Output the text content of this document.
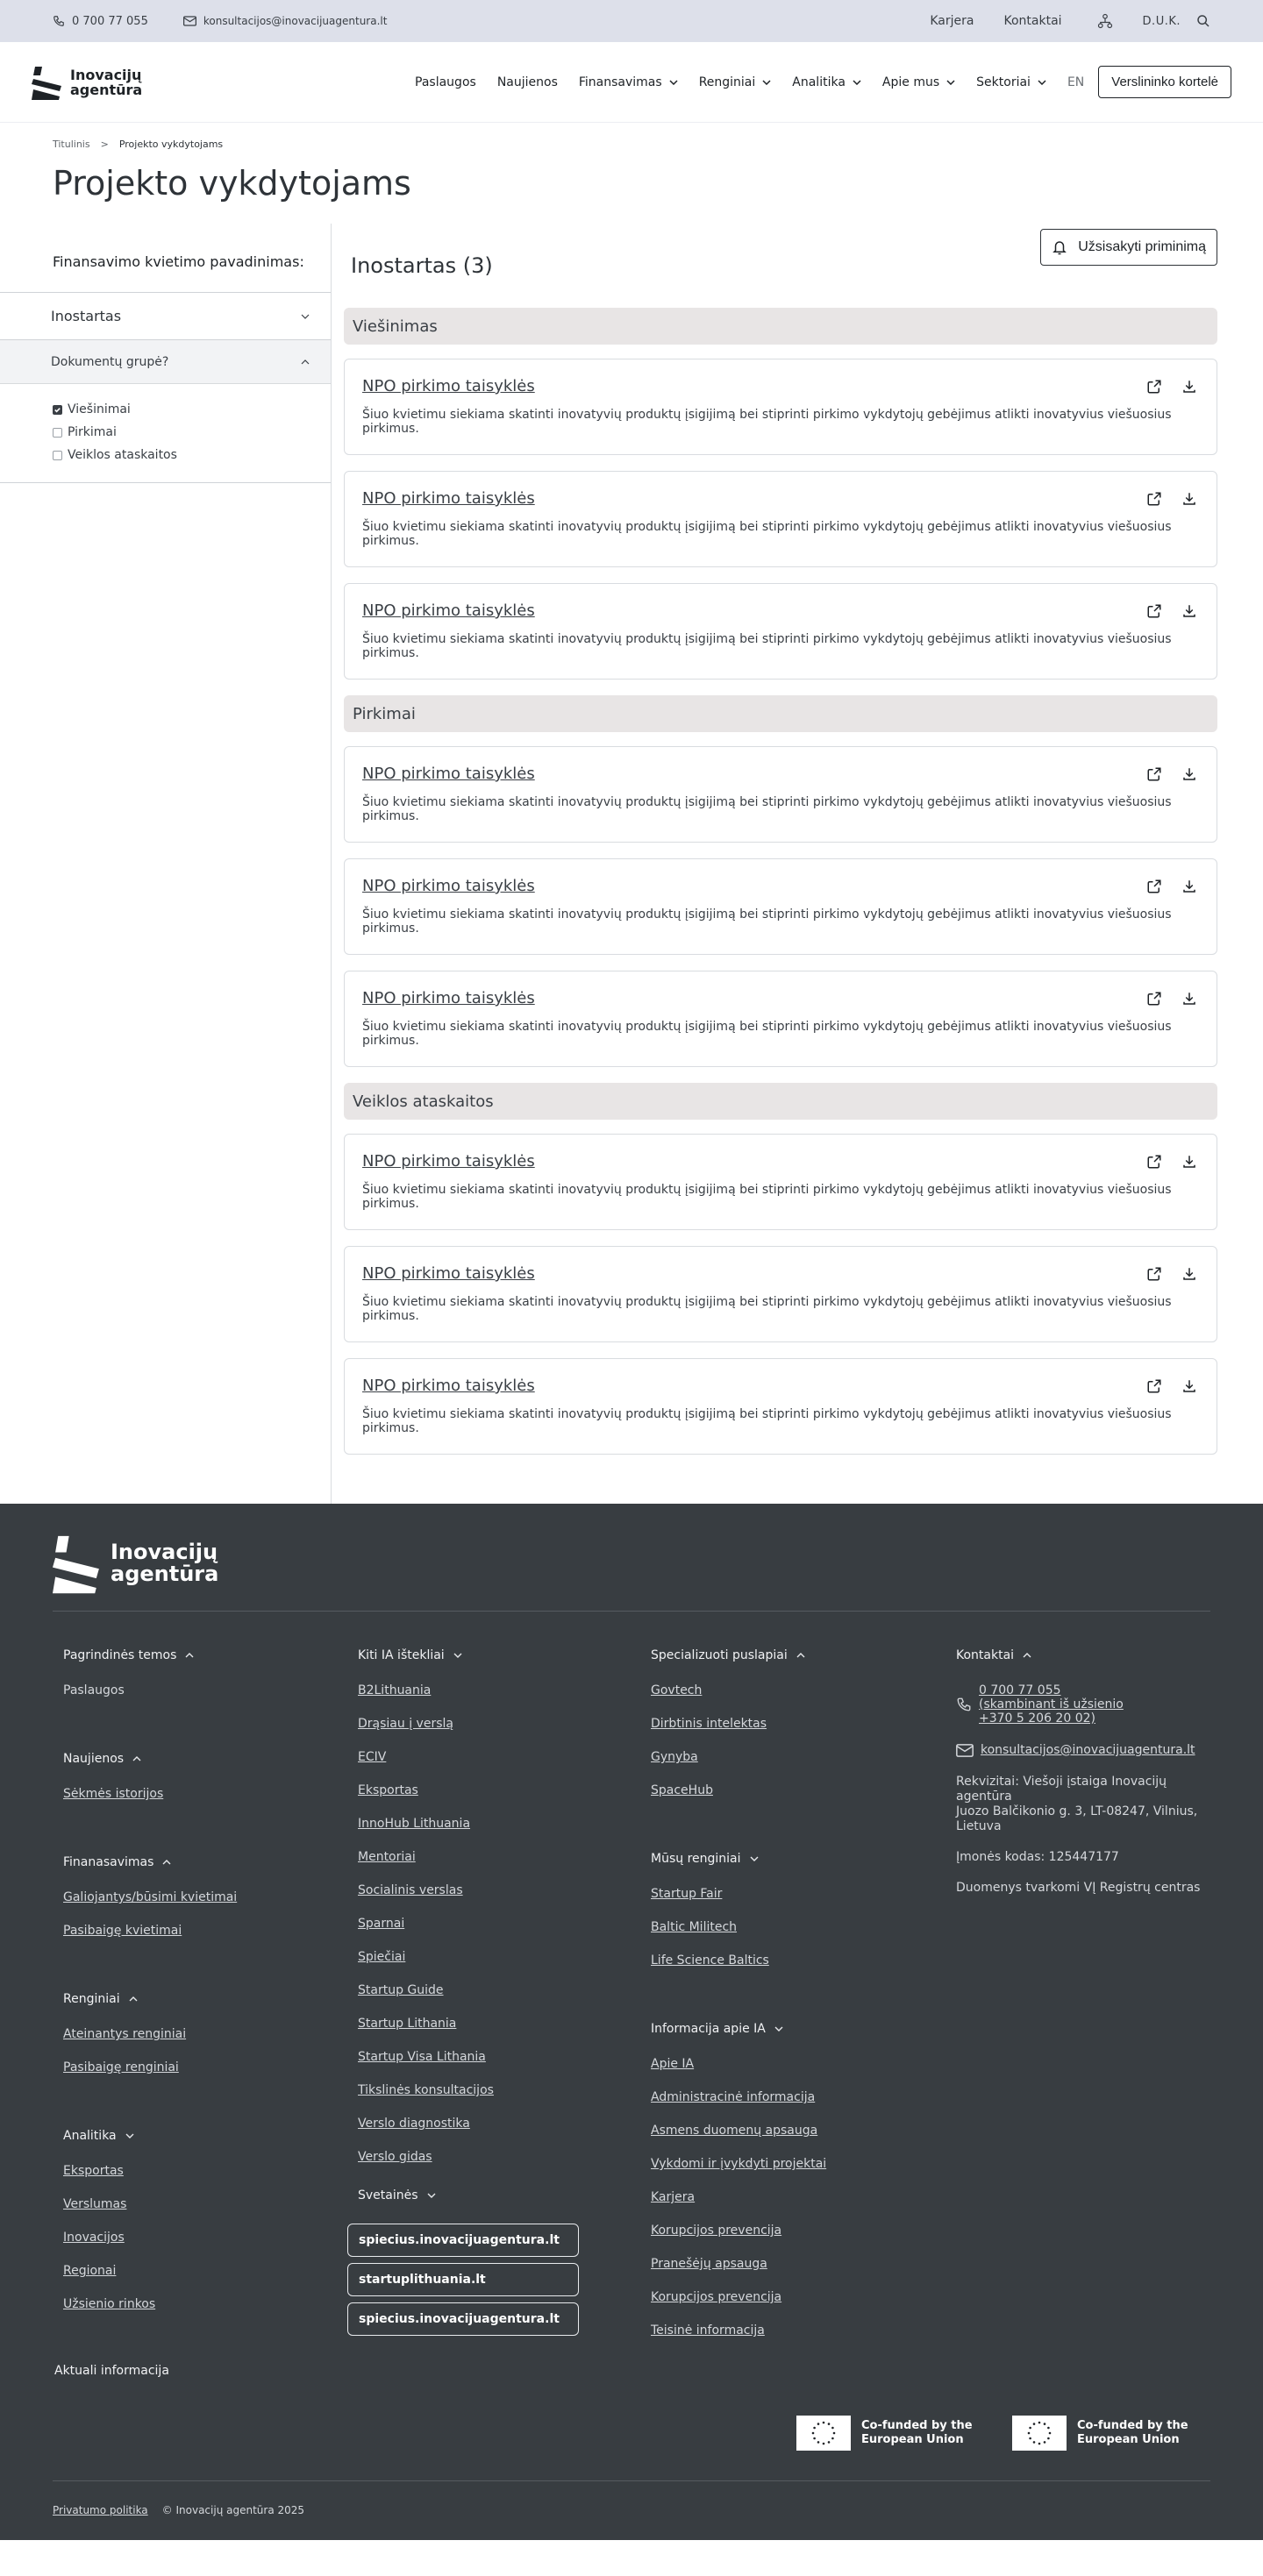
0 700 77 055	konsultacijos@inovacijuagentura.lt	Karjera Kontaktai	D.U.K.
Inovacijų
agentūra	Paslaugos Naujienos Finansavimas	Renginiai	Analitika	Apie mus	Sektoriai	EN	Verslininko kortelė
Titulinis > Projekto vykdytojams
Projekto vykdytojams
Finansavimo kvietimo pavadinimas:
Inostartas
Dokumentų grupė?
Viešinimai
Pirkimai
Veiklos ataskaitos
Inostartas (3)
Užsisakyti priminimą
Viešinimas
NPO pirkimo taisyklės

Šiuo kvietimu siekiama skatinti inovatyvių produktų įsigijimą bei stiprinti pirkimo vykdytojų gebėjimus atlikti inovatyvius viešuosius pirkimus.

NPO pirkimo taisyklės

Šiuo kvietimu siekiama skatinti inovatyvių produktų įsigijimą bei stiprinti pirkimo vykdytojų gebėjimus atlikti inovatyvius viešuosius pirkimus.

NPO pirkimo taisyklės

Šiuo kvietimu siekiama skatinti inovatyvių produktų įsigijimą bei stiprinti pirkimo vykdytojų gebėjimus atlikti inovatyvius viešuosius pirkimus.

Pirkimai
NPO pirkimo taisyklės

Šiuo kvietimu siekiama skatinti inovatyvių produktų įsigijimą bei stiprinti pirkimo vykdytojų gebėjimus atlikti inovatyvius viešuosius pirkimus.

NPO pirkimo taisyklės

Šiuo kvietimu siekiama skatinti inovatyvių produktų įsigijimą bei stiprinti pirkimo vykdytojų gebėjimus atlikti inovatyvius viešuosius pirkimus.

NPO pirkimo taisyklės

Šiuo kvietimu siekiama skatinti inovatyvių produktų įsigijimą bei stiprinti pirkimo vykdytojų gebėjimus atlikti inovatyvius viešuosius pirkimus.

Veiklos ataskaitos
NPO pirkimo taisyklės

Šiuo kvietimu siekiama skatinti inovatyvių produktų įsigijimą bei stiprinti pirkimo vykdytojų gebėjimus atlikti inovatyvius viešuosius pirkimus.

NPO pirkimo taisyklės

Šiuo kvietimu siekiama skatinti inovatyvių produktų įsigijimą bei stiprinti pirkimo vykdytojų gebėjimus atlikti inovatyvius viešuosius pirkimus.

NPO pirkimo taisyklės

Šiuo kvietimu siekiama skatinti inovatyvių produktų įsigijimą bei stiprinti pirkimo vykdytojų gebėjimus atlikti inovatyvius viešuosius pirkimus.

Inovacijų
agentūra
Pagrindinės temos
Paslaugos
Naujienos
Sėkmės istorijos
Finanasavimas
Galiojantys/būsimi kvietimai
Pasibaigę kvietimai
Renginiai
Ateinantys renginiai
Pasibaigę renginiai
Analitika
Eksportas
Verslumas
Inovacijos
Regionai
Užsienio rinkos
Aktuali informacija
Kiti IA ištekliai
B2Lithuania
Drąsiau į verslą
ECIV
Eksportas
InnoHub Lithuania
Mentoriai
Socialinis verslas
Sparnai
Spiečiai
Startup Guide
Startup Lithania
Startup Visa Lithania
Tikslinės konsultacijos
Verslo diagnostika
Verslo gidas
Svetainės
spiecius.inovacijuagentura.lt
startuplithuania.lt
spiecius.inovacijuagentura.lt
Specializuoti puslapiai
Govtech
Dirbtinis intelektas
Gynyba
SpaceHub
Mūsų renginiai
Startup Fair
Baltic Militech
Life Science Baltics
Informacija apie IA
Apie IA
Administracinė informacija
Asmens duomenų apsauga
Vykdomi ir įvykdyti projektai
Karjera
Korupcijos prevencija
Pranešėjų apsauga
Korupcijos prevencija
Teisinė informacija
Kontaktai
0 700 77 055
(skambinant iš užsienio
+370 5 206 20 02)
konsultacijos@inovacijuagentura.lt
Rekvizitai: Viešoji įstaiga Inovacijų agentūra
Juozo Balčikonio g. 3, LT-08247, Vilnius, Lietuva
Įmonės kodas: 125447177
Duomenys tvarkomi VĮ Registrų centras
Co-funded by the European Union
Co-funded by the European Union
Privatumo politika © Inovacijų agentūra 2025
